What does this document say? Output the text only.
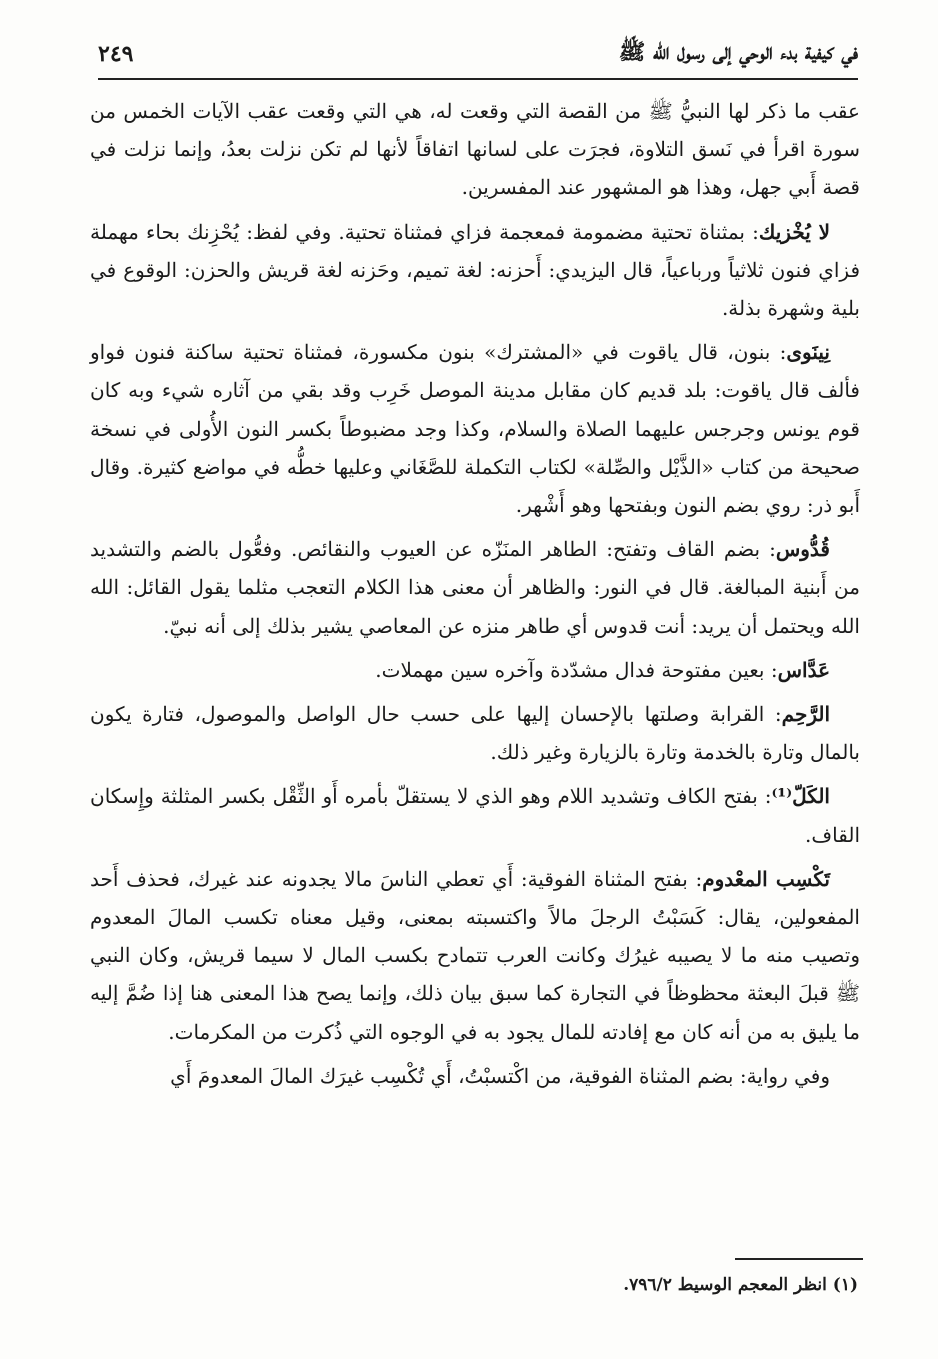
في كيفية بدء الوحي إلى رسول الله ﷺ
٢٤٩

عقب ما ذكر لها النبيُّ ﷺ من القصة التي وقعت له، هي التي وقعت عقب الآيات الخمس من سورة اقرأ في نَسق التلاوة، فجرَت على لسانها اتفاقاً لأنها لم تكن نزلت بعدُ، وإنما نزلت في قصة أَبي جهل، وهذا هو المشهور عند المفسرين.

لا يُخْزيك: بمثناة تحتية مضمومة فمعجمة فزاي فمثناة تحتية. وفي لفظ: يُحْزِنك بحاء مهملة فزاي فنون ثلاثياً ورباعياً، قال اليزيدي: أَحزنه: لغة تميم، وحَزنه لغة قريش والحزن: الوقوع في بلية وشهرة بذلة.

نِينَوى: بنون، قال ياقوت في «المشترك» بنون مكسورة، فمثناة تحتية ساكنة فنون فواو فألف قال ياقوت: بلد قديم كان مقابل مدينة الموصل خَرِب وقد بقي من آثاره شيء وبه كان قوم يونس وجرجس عليهما الصلاة والسلام، وكذا وجد مضبوطاً بكسر النون الأُولى في نسخة صحيحة من كتاب «الذَّيْل والصِّلة» لكتاب التكملة للصَّغَاني وعليها خطُّه في مواضع كثيرة. وقال أَبو ذر: روي بضم النون وبفتحها وهو أَشْهر.

قُدُّوس: بضم القاف وتفتح: الطاهر المنَزّه عن العيوب والنقائص. وفعُّول بالضم والتشديد من أَبنية المبالغة. قال في النور: والظاهر أن معنى هذا الكلام التعجب مثلما يقول القائل: الله الله ويحتمل أن يريد: أنت قدوس أي طاهر منزه عن المعاصي يشير بذلك إلى أنه نبيّ.

عَدَّاس: بعين مفتوحة فدال مشدّدة وآخره سين مهملات.

الرَّحِم: القرابة وصلتها بالإحسان إليها على حسب حال الواصل والموصول، فتارة يكون بالمال وتارة بالخدمة وتارة بالزيارة وغير ذلك.

الكَلّ⁽¹⁾: بفتح الكاف وتشديد اللام وهو الذي لا يستقلّ بأمره أَو الثِّقْل بكسر المثلثة وإِسكان القاف.

تَكْسِب المعْدوم: بفتح المثناة الفوقية: أَي تعطي الناسَ مالا يجدونه عند غيرك، فحذف أَحد المفعولين، يقال: كَسَبْتُ الرجلَ مالاً واكتسبته بمعنى، وقيل معناه تكسب المالَ المعدوم وتصيب منه ما لا يصيبه غيرُك وكانت العرب تتمادح بكسب المال لا سيما قريش، وكان النبي ﷺ قبلَ البعثة محظوظاً في التجارة كما سبق بيان ذلك، وإنما يصح هذا المعنى هنا إذا ضُمَّ إليه ما يليق به من أنه كان مع إفادته للمال يجود به في الوجوه التي ذُكرت من المكرمات.

وفي رواية: بضم المثناة الفوقية، من اكْتسبْتُ، أَي تُكْسِب غيرَك المالَ المعدومَ أَي

(١) انظر المعجم الوسيط ٧٩٦/٢.
